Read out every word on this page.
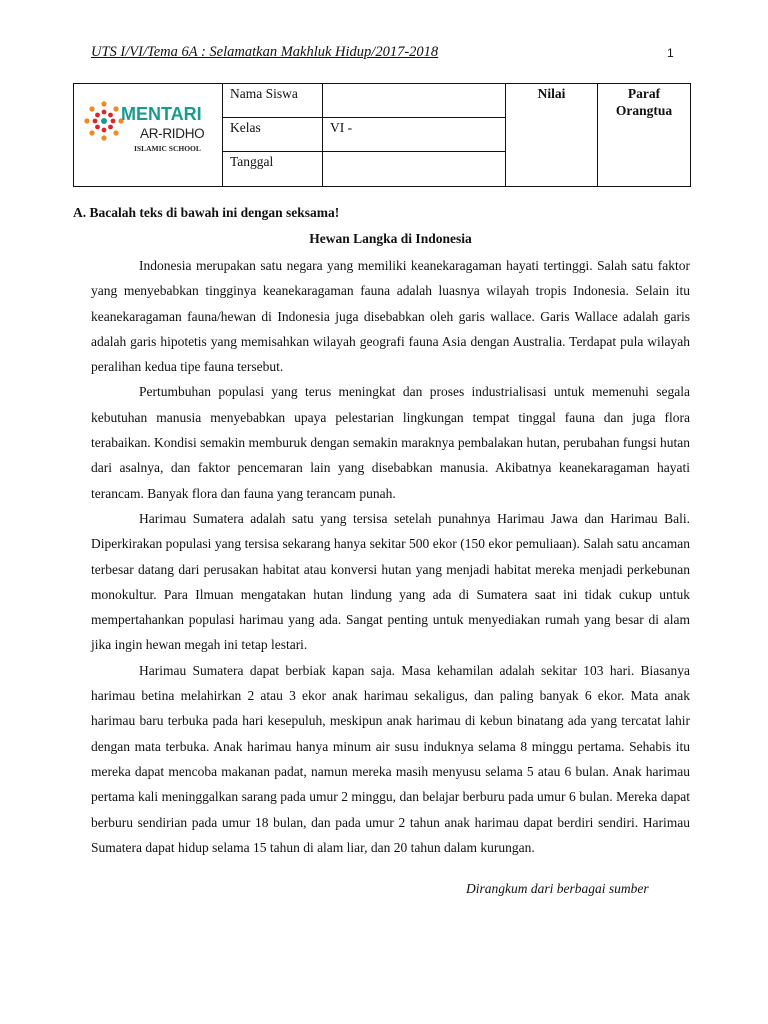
UTS I/VI/Tema 6A : Selamatkan Makhluk Hidup/2017-2018	1
MENTARI
AR-RIDHO
ISLAMIC SCHOOL	Nama Siswa		Nilai	Paraf Orangtua
	Kelas	VI -		
	Tanggal			
A. Bacalah teks di bawah ini dengan seksama!
Hewan Langka di Indonesia

Indonesia merupakan satu negara yang memiliki keanekaragaman hayati tertinggi. Salah satu faktor yang menyebabkan tingginya keanekaragaman fauna adalah luasnya wilayah tropis Indonesia. Selain itu keanekaragaman fauna/hewan di Indonesia juga disebabkan oleh garis wallace. Garis Wallace adalah garis adalah garis hipotetis yang memisahkan wilayah geografi fauna Asia dengan Australia. Terdapat pula wilayah peralihan kedua tipe fauna tersebut.

Pertumbuhan populasi yang terus meningkat dan proses industrialisasi untuk memenuhi segala kebutuhan manusia menyebabkan upaya pelestarian lingkungan tempat tinggal fauna dan juga flora terabaikan. Kondisi semakin memburuk dengan semakin maraknya pembalakan hutan, perubahan fungsi hutan dari asalnya, dan faktor pencemaran lain yang disebabkan manusia. Akibatnya keanekaragaman hayati terancam. Banyak flora dan fauna yang terancam punah.

Harimau Sumatera adalah satu yang tersisa setelah punahnya Harimau Jawa dan Harimau Bali. Diperkirakan populasi yang tersisa sekarang hanya sekitar 500 ekor (150 ekor pemuliaan). Salah satu ancaman terbesar datang dari perusakan habitat atau konversi hutan yang menjadi habitat mereka menjadi perkebunan monokultur. Para Ilmuan mengatakan hutan lindung yang ada di Sumatera saat ini tidak cukup untuk mempertahankan populasi harimau yang ada. Sangat penting untuk menyediakan rumah yang besar di alam jika ingin hewan megah ini tetap lestari.

Harimau Sumatera dapat berbiak kapan saja. Masa kehamilan adalah sekitar 103 hari. Biasanya harimau betina melahirkan 2 atau 3 ekor anak harimau sekaligus, dan paling banyak 6 ekor. Mata anak harimau baru terbuka pada hari kesepuluh, meskipun anak harimau di kebun binatang ada yang tercatat lahir dengan mata terbuka. Anak harimau hanya minum air susu induknya selama 8 minggu pertama. Sehabis itu mereka dapat mencoba makanan padat, namun mereka masih menyusu selama 5 atau 6 bulan. Anak harimau pertama kali meninggalkan sarang pada umur 2 minggu, dan belajar berburu pada umur 6 bulan. Mereka dapat berburu sendirian pada umur 18 bulan, dan pada umur 2 tahun anak harimau dapat berdiri sendiri. Harimau Sumatera dapat hidup selama 15 tahun di alam liar, dan 20 tahun dalam kurungan.

Dirangkum dari berbagai sumber
